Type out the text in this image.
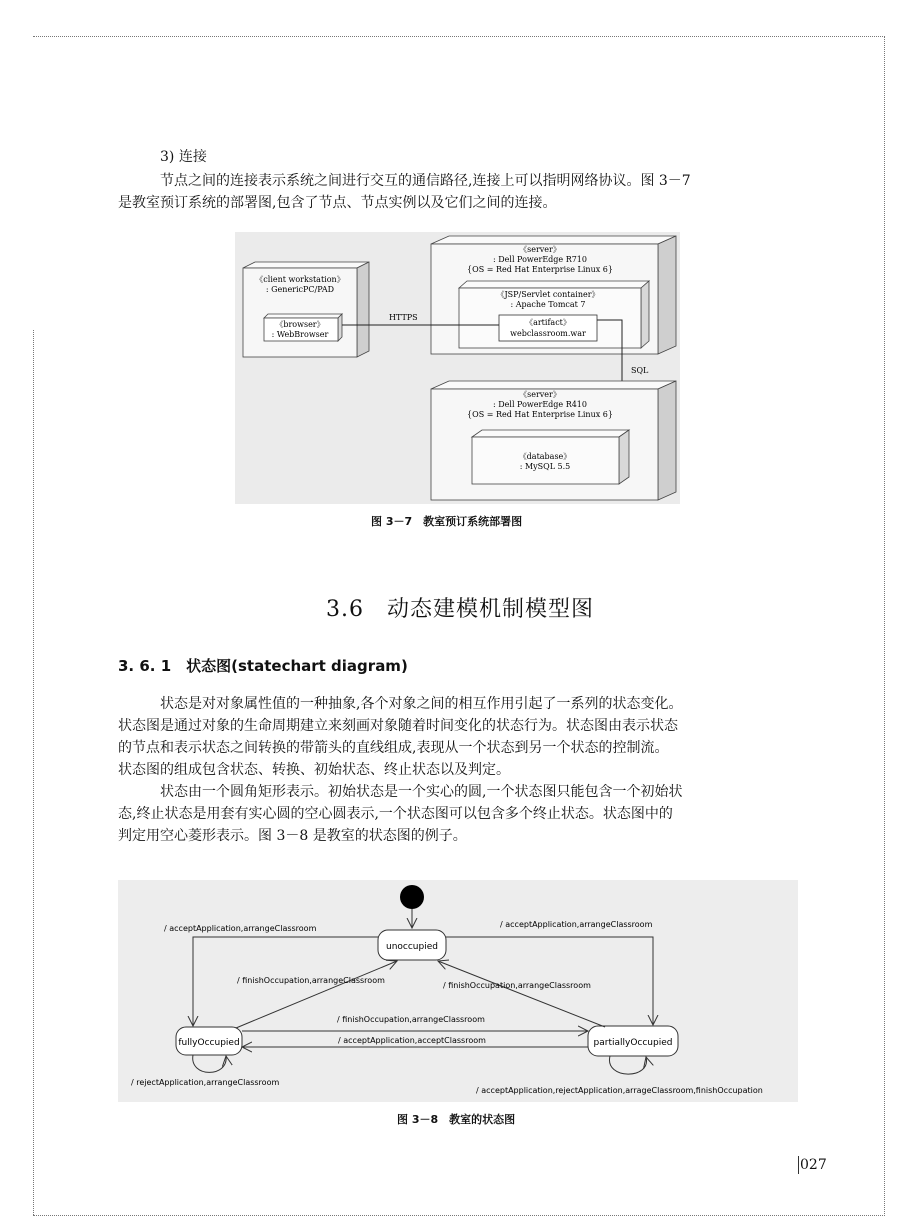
3) 连接
节点之间的连接表示系统之间进行交互的通信路径,连接上可以指明网络协议。图 3－7
是教室预订系统的部署图,包含了节点、节点实例以及它们之间的连接。
《client workstation》
: GenericPC/PAD
《browser》
: WebBrowser
《server》
: Dell PowerEdge R710
{OS = Red Hat Enterprise Linux 6}
《JSP/Servlet container》
: Apache Tomcat 7
《artifact》
webclassroom.war
HTTPS
SQL
《server》
: Dell PowerEdge R410
{OS = Red Hat Enterprise Linux 6}
《database》
: MySQL 5.5
图 3－7　教室预订系统部署图
3.6　动态建模机制模型图
3. 6. 1　状态图(statechart diagram)
状态是对对象属性值的一种抽象,各个对象之间的相互作用引起了一系列的状态变化。
状态图是通过对象的生命周期建立来刻画对象随着时间变化的状态行为。状态图由表示状态
的节点和表示状态之间转换的带箭头的直线组成,表现从一个状态到另一个状态的控制流。
状态图的组成包含状态、转换、初始状态、终止状态以及判定。
状态由一个圆角矩形表示。初始状态是一个实心的圆,一个状态图只能包含一个初始状
态,终止状态是用套有实心圆的空心圆表示,一个状态图可以包含多个终止状态。状态图中的
判定用空心菱形表示。图 3－8 是教室的状态图的例子。
unoccupied
fullyOccupied	partiallyOccupied
/ acceptApplication,arrangeClassroom	/ acceptApplication,arrangeClassroom
/ finishOccupation,arrangeClassroom
/ finishOccupation,arrangeClassroom
/ finishOccupation,arrangeClassroom
/ acceptApplication,acceptClassroom
/ rejectApplication,arrangeClassroom
/ acceptApplication,rejectApplication,arrageClassroom,finishOccupation
图 3－8　教室的状态图
027
